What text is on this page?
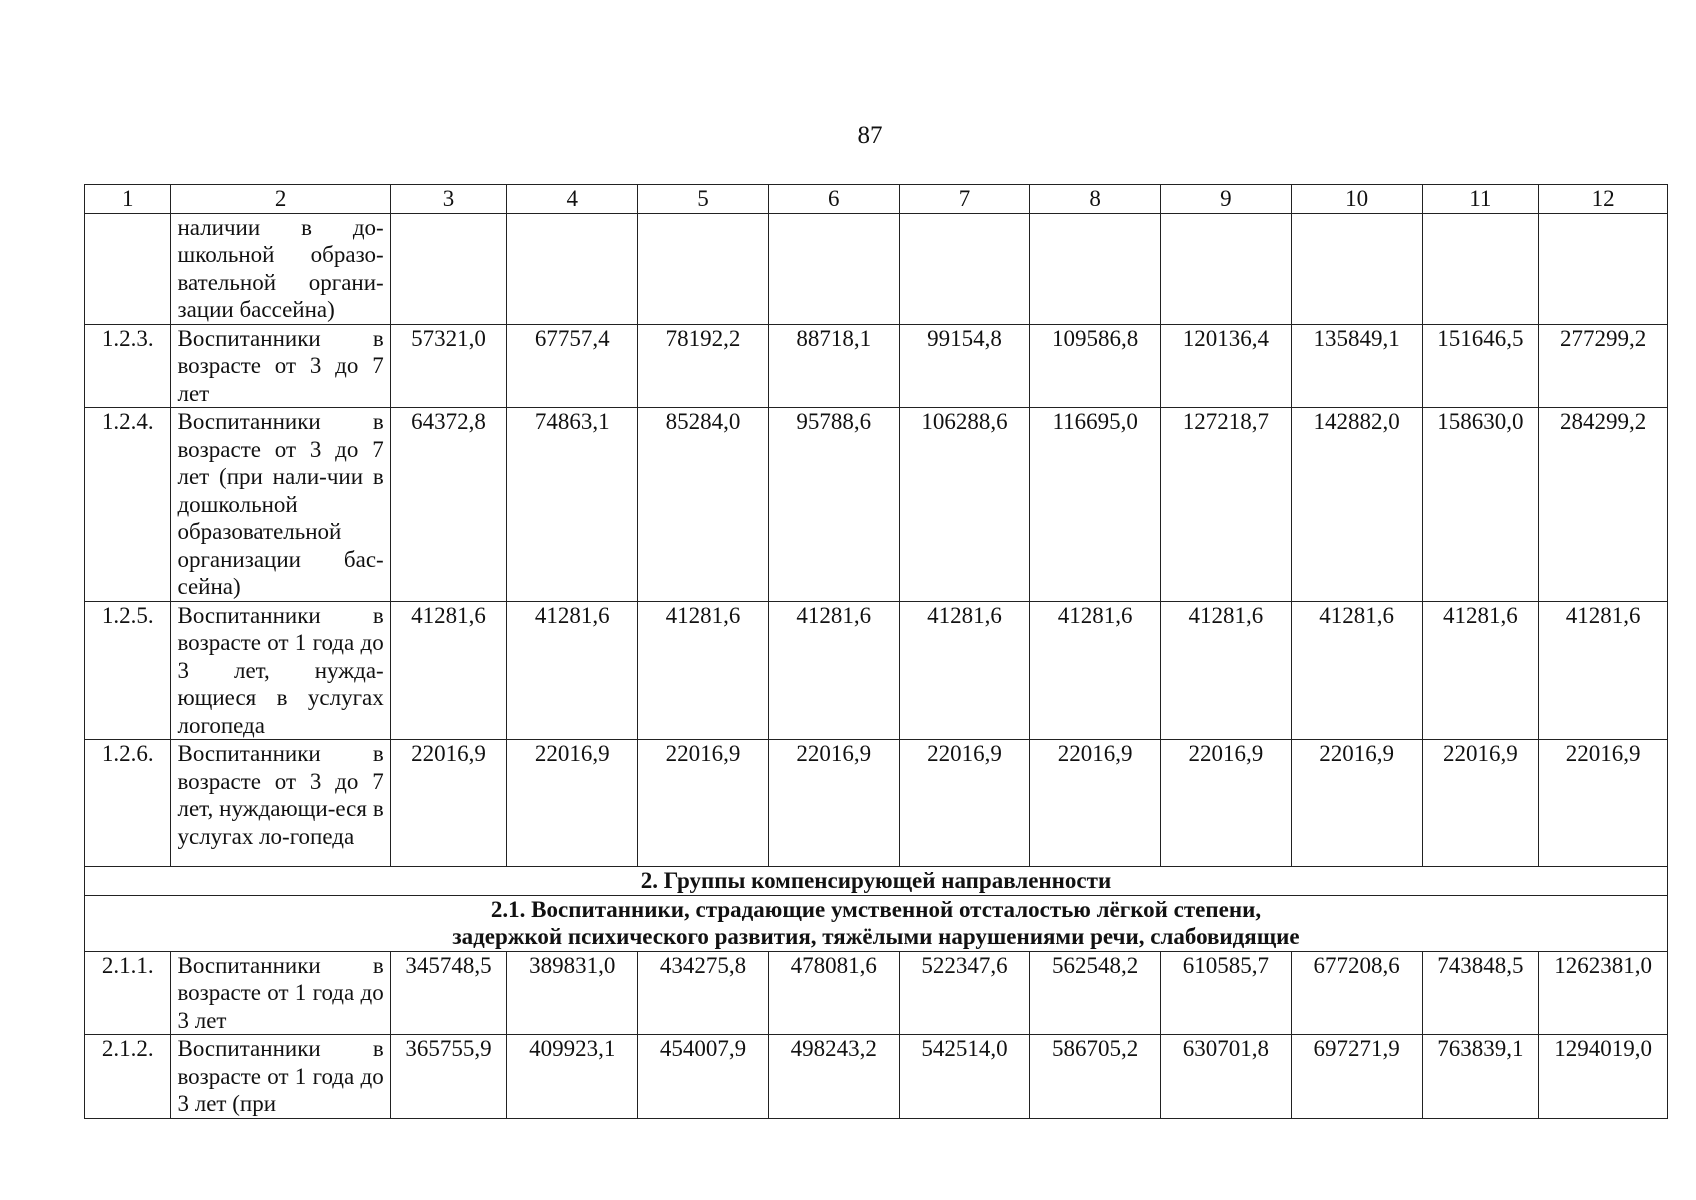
87
1	2	3	4	5	6	7	8	9	10	11	12
	наличии в до-школьной образо-вательной органи-зации бассейна)										
1.2.3.	Воспитанники в возрасте от 3 до 7 лет	57321,0	67757,4	78192,2	88718,1	99154,8	109586,8	120136,4	135849,1	151646,5	277299,2
1.2.4.	Воспитанники в возрасте от 3 до 7 лет (при нали-чии в дошкольной образовательной организации бас-сейна)	64372,8	74863,1	85284,0	95788,6	106288,6	116695,0	127218,7	142882,0	158630,0	284299,2
1.2.5.	Воспитанники в возрасте от 1 года до 3 лет, нужда-ющиеся в услугах логопеда	41281,6	41281,6	41281,6	41281,6	41281,6	41281,6	41281,6	41281,6	41281,6	41281,6
1.2.6.	Воспитанники в возрасте от 3 до 7 лет, нуждающи-еся в услугах ло-гопеда	22016,9	22016,9	22016,9	22016,9	22016,9	22016,9	22016,9	22016,9	22016,9	22016,9
2. Группы компенсирующей направленности											
2.1. Воспитанники, страдающие умственной отсталостью лёгкой степени,
задержкой психического развития, тяжёлыми нарушениями речи, слабовидящие											
2.1.1.	Воспитанники в возрасте от 1 года до 3 лет	345748,5	389831,0	434275,8	478081,6	522347,6	562548,2	610585,7	677208,6	743848,5	1262381,0
2.1.2.	Воспитанники в возрасте от 1 года до 3 лет (при	365755,9	409923,1	454007,9	498243,2	542514,0	586705,2	630701,8	697271,9	763839,1	1294019,0
